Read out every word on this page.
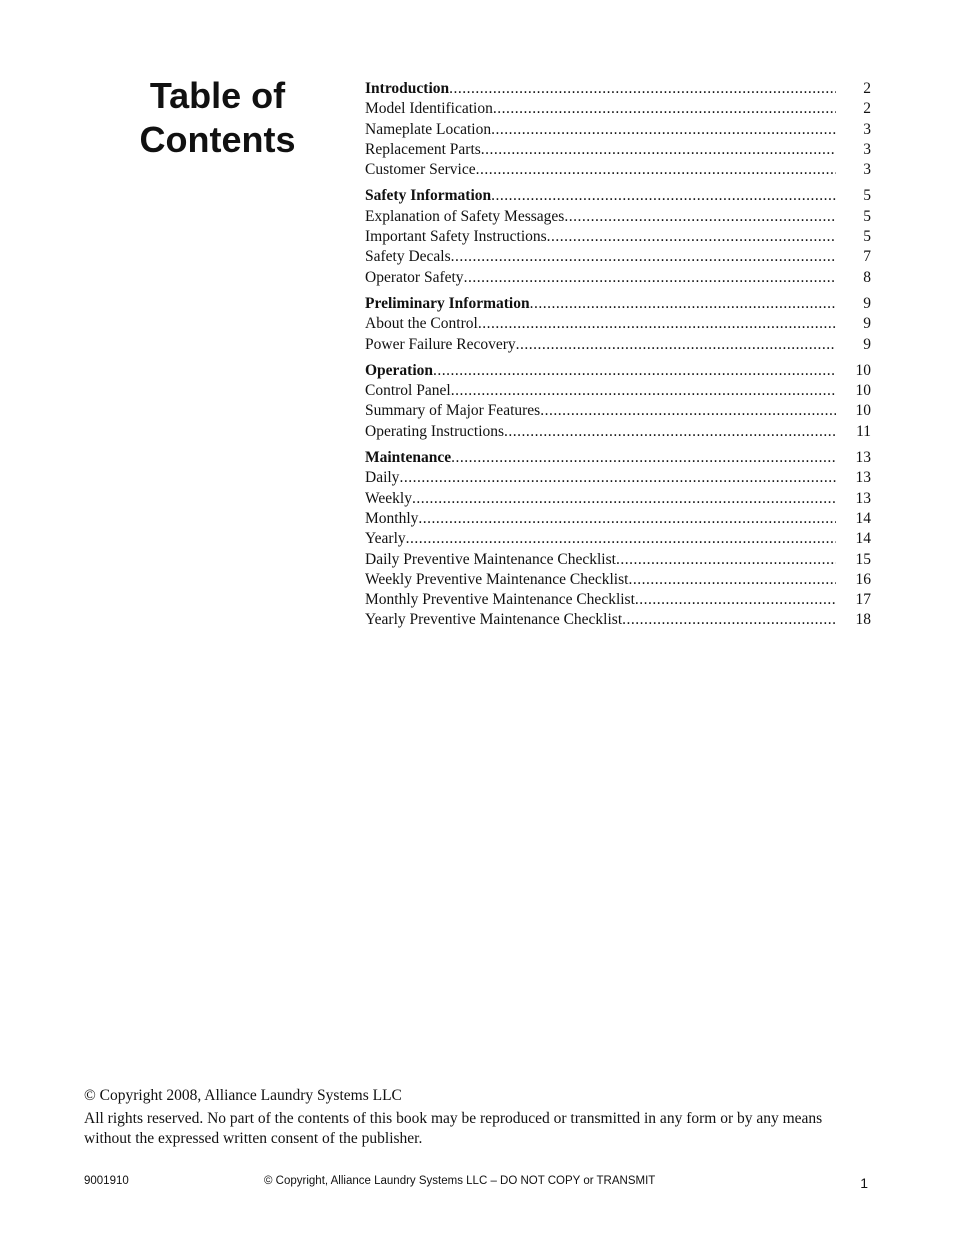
Table of
Contents
Introduction .....	2
Model Identification .....	2
Nameplate Location .....	3
Replacement Parts .....	3
Customer Service .....	3
Safety Information .....	5
Explanation of Safety Messages .....	5
Important Safety Instructions .....	5
Safety Decals .....	7
Operator Safety .....	8
Preliminary Information .....	9
About the Control .....	9
Power Failure Recovery .....	9
Operation .....	10
Control Panel .....	10
Summary of Major Features .....	10
Operating Instructions .....	11
Maintenance .....	13
Daily .....	13
Weekly .....	13
Monthly .....	14
Yearly .....	14
Daily Preventive Maintenance Checklist .....	15
Weekly Preventive Maintenance Checklist .....	16
Monthly Preventive Maintenance Checklist .....	17
Yearly Preventive Maintenance Checklist .....	18

© Copyright 2008, Alliance Laundry Systems LLC

All rights reserved. No part of the contents of this book may be reproduced or transmitted in any form or by any means without the expressed written consent of the publisher.

9001910	© Copyright, Alliance Laundry Systems LLC – DO NOT COPY or TRANSMIT	1
